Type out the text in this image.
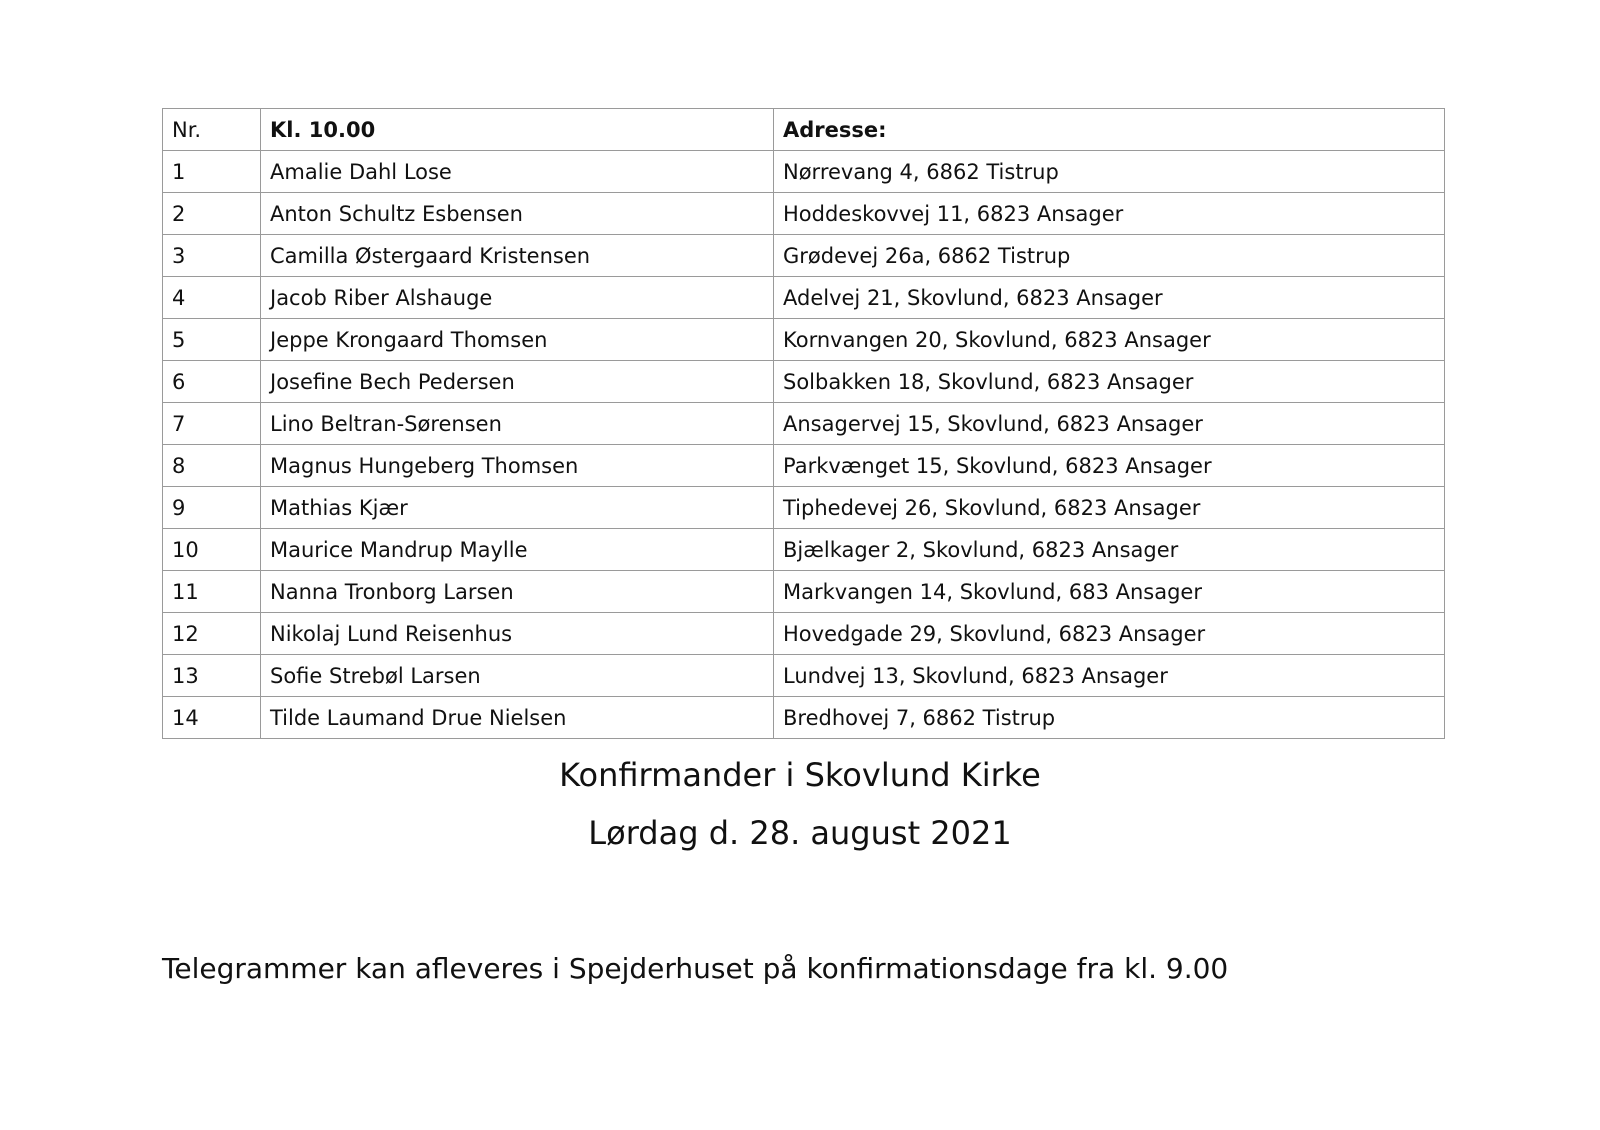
Nr.	Kl. 10.00	Adresse:
1	Amalie Dahl Lose	Nørrevang 4, 6862 Tistrup
2	Anton Schultz Esbensen	Hoddeskovvej 11, 6823 Ansager
3	Camilla Østergaard Kristensen	Grødevej 26a, 6862 Tistrup
4	Jacob Riber Alshauge	Adelvej 21, Skovlund, 6823 Ansager
5	Jeppe Krongaard Thomsen	Kornvangen 20, Skovlund, 6823 Ansager
6	Josefine Bech Pedersen	Solbakken 18, Skovlund, 6823 Ansager
7	Lino Beltran-Sørensen	Ansagervej 15, Skovlund, 6823 Ansager
8	Magnus Hungeberg Thomsen	Parkvænget 15, Skovlund, 6823 Ansager
9	Mathias Kjær	Tiphedevej 26, Skovlund, 6823 Ansager
10	Maurice Mandrup Maylle	Bjælkager 2, Skovlund, 6823 Ansager
11	Nanna Tronborg Larsen	Markvangen 14, Skovlund, 683 Ansager
12	Nikolaj Lund Reisenhus	Hovedgade 29, Skovlund, 6823 Ansager
13	Sofie Strebøl Larsen	Lundvej 13, Skovlund, 6823 Ansager
14	Tilde Laumand Drue Nielsen	Bredhovej 7, 6862 Tistrup
Konfirmander i Skovlund Kirke
Lørdag d. 28. august 2021

Telegrammer kan afleveres i Spejderhuset på konfirmationsdage fra kl. 9.00
